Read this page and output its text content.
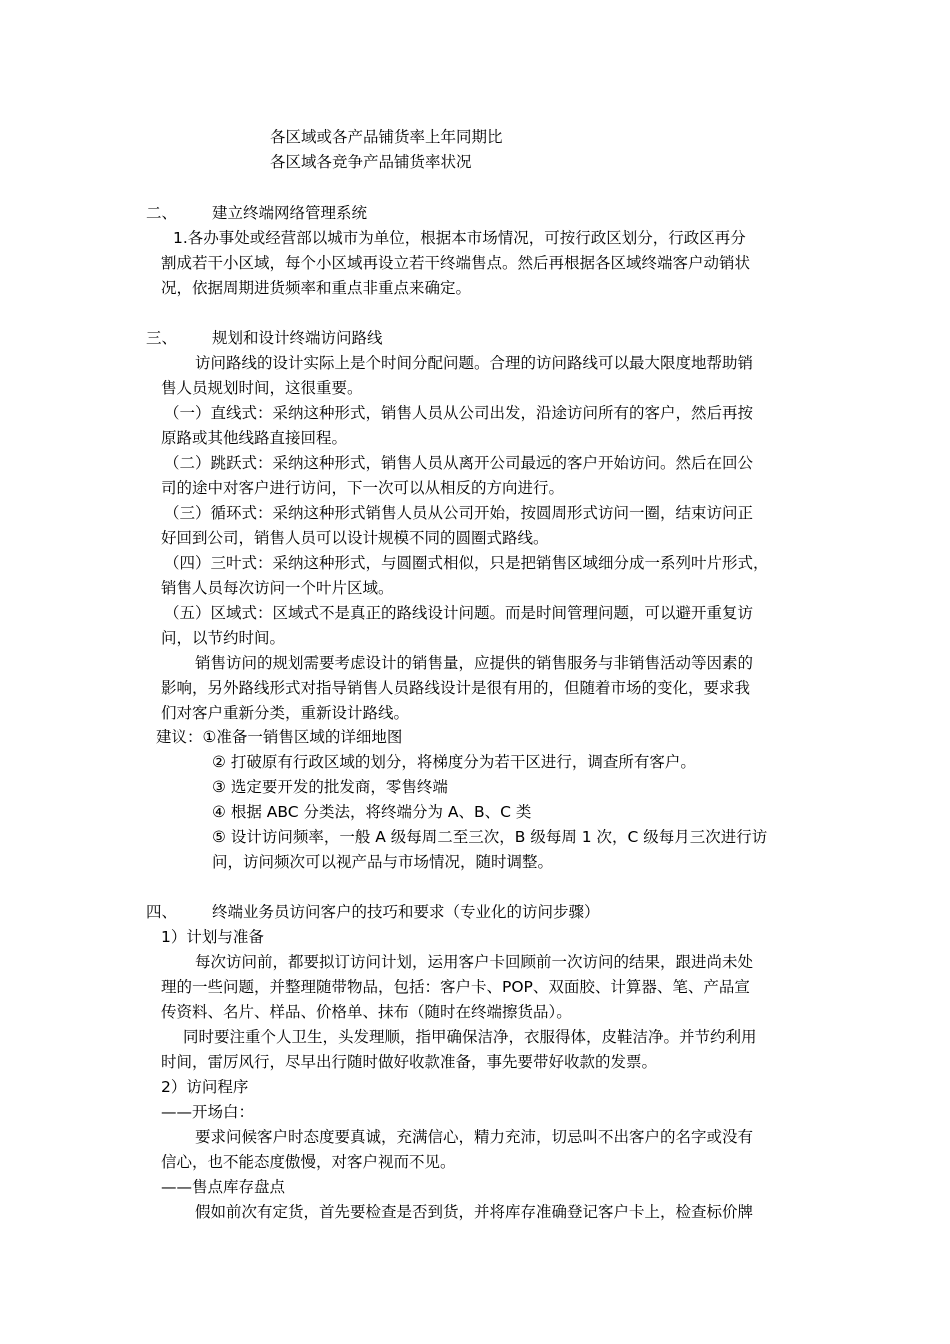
各区域或各产品铺货率上年同期比
各区域各竞争产品铺货率状况
二、 建立终端网络管理系统
1.各办事处或经营部以城市为单位，根据本市场情况，可按行政区划分，行政区再分
割成若干小区域，每个小区域再设立若干终端售点。然后再根据各区域终端客户动销状
况，依据周期进货频率和重点非重点来确定。
三、 规划和设计终端访问路线
访问路线的设计实际上是个时间分配问题。合理的访问路线可以最大限度地帮助销
售人员规划时间，这很重要。
（一）直线式：采纳这种形式，销售人员从公司出发，沿途访问所有的客户，然后再按
原路或其他线路直接回程。
（二）跳跃式：采纳这种形式，销售人员从离开公司最远的客户开始访问。然后在回公
司的途中对客户进行访问，下一次可以从相反的方向进行。
（三）循环式：采纳这种形式销售人员从公司开始，按圆周形式访问一圈，结束访问正
好回到公司，销售人员可以设计规模不同的圆圈式路线。
（四）三叶式：采纳这种形式，与圆圈式相似，只是把销售区域细分成一系列叶片形式，
销售人员每次访问一个叶片区域。
（五）区域式：区域式不是真正的路线设计问题。而是时间管理问题，可以避开重复访
问，以节约时间。
销售访问的规划需要考虑设计的销售量，应提供的销售服务与非销售活动等因素的
影响，另外路线形式对指导销售人员路线设计是很有用的，但随着市场的变化，要求我
们对客户重新分类，重新设计路线。
建议：①准备一销售区域的详细地图
② 打破原有行政区域的划分，将梯度分为若干区进行，调查所有客户。
③ 选定要开发的批发商，零售终端
④ 根据 ABC 分类法，将终端分为 A、B、C 类
⑤ 设计访问频率，一般 A 级每周二至三次，B 级每周 1 次，C 级每月三次进行访
问，访问频次可以视产品与市场情况，随时调整。
四、 终端业务员访问客户的技巧和要求（专业化的访问步骤）
1）计划与准备
每次访问前，都要拟订访问计划，运用客户卡回顾前一次访问的结果，跟进尚未处
理的一些问题，并整理随带物品，包括：客户卡、POP、双面胶、计算器、笔、产品宣
传资料、名片、样品、价格单、抹布（随时在终端擦货品）。
同时要注重个人卫生，头发理顺，指甲确保洁净，衣服得体，皮鞋洁净。并节约利用
时间，雷厉风行，尽早出行随时做好收款准备，事先要带好收款的发票。
2）访问程序
——开场白：
要求问候客户时态度要真诚，充满信心，精力充沛，切忌叫不出客户的名字或没有
信心，也不能态度傲慢，对客户视而不见。
——售点库存盘点
假如前次有定货，首先要检查是否到货，并将库存准确登记客户卡上，检查标价牌
